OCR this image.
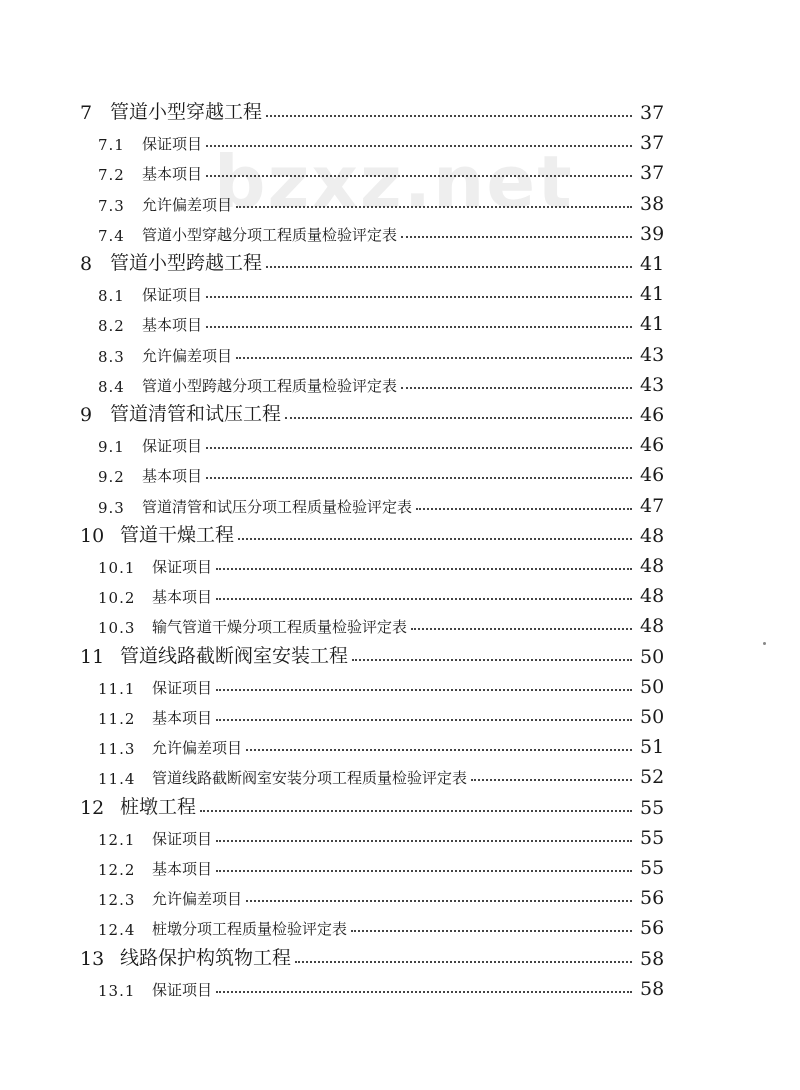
bzxz.net
7 管道小型穿越工程	37
7.1	保证项目	37
7.2	基本项目	37
7.3	允许偏差项目	38
7.4	管道小型穿越分项工程质量检验评定表	39
8 管道小型跨越工程	41
8.1	保证项目	41
8.2	基本项目	41
8.3	允许偏差项目	43
8.4	管道小型跨越分项工程质量检验评定表	43
9 管道清管和试压工程	46
9.1	保证项目	46
9.2	基本项目	46
9.3	管道清管和试压分项工程质量检验评定表	47
10 管道干燥工程	48
10.1	保证项目	48
10.2	基本项目	48
10.3	输气管道干燥分项工程质量检验评定表	48
11 管道线路截断阀室安装工程	50
11.1	保证项目	50
11.2	基本项目	50
11.3	允许偏差项目	51
11.4	管道线路截断阀室安装分项工程质量检验评定表	52
12 桩墩工程	55
12.1	保证项目	55
12.2	基本项目	55
12.3	允许偏差项目	56
12.4	桩墩分项工程质量检验评定表	56
13 线路保护构筑物工程	58
13.1	保证项目	58
